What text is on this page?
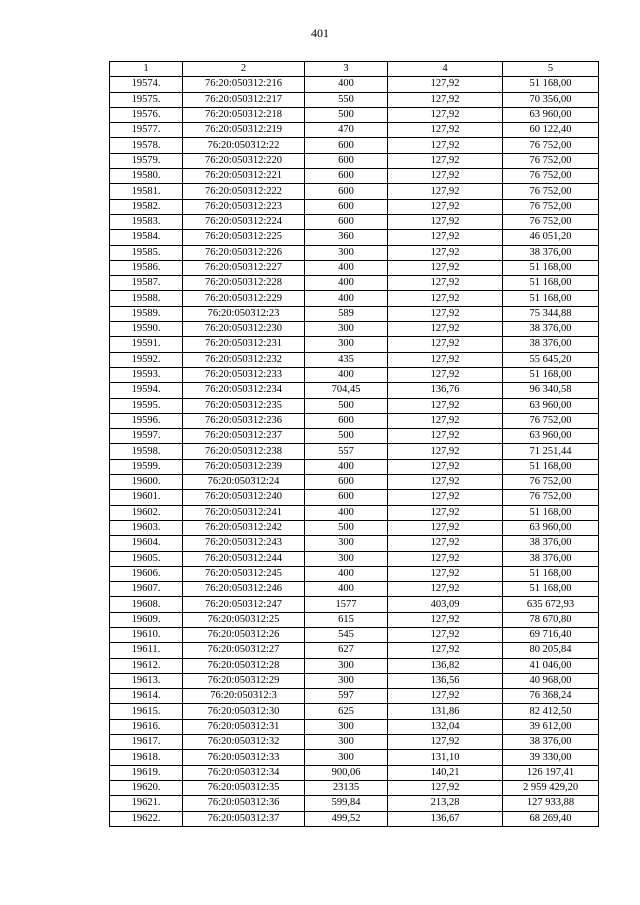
401
1	2	3	4	5
19574.	76:20:050312:216	400	127,92	51 168,00
19575.	76:20:050312:217	550	127,92	70 356,00
19576.	76:20:050312:218	500	127,92	63 960,00
19577.	76:20:050312:219	470	127,92	60 122,40
19578.	76:20:050312:22	600	127,92	76 752,00
19579.	76:20:050312:220	600	127,92	76 752,00
19580.	76:20:050312:221	600	127,92	76 752,00
19581.	76:20:050312:222	600	127,92	76 752,00
19582.	76:20:050312:223	600	127,92	76 752,00
19583.	76:20:050312:224	600	127,92	76 752,00
19584.	76:20:050312:225	360	127,92	46 051,20
19585.	76:20:050312:226	300	127,92	38 376,00
19586.	76:20:050312:227	400	127,92	51 168,00
19587.	76:20:050312:228	400	127,92	51 168,00
19588.	76:20:050312:229	400	127,92	51 168,00
19589.	76:20:050312:23	589	127,92	75 344,88
19590.	76:20:050312:230	300	127,92	38 376,00
19591.	76:20:050312:231	300	127,92	38 376,00
19592.	76:20:050312:232	435	127,92	55 645,20
19593.	76:20:050312:233	400	127,92	51 168,00
19594.	76:20:050312:234	704,45	136,76	96 340,58
19595.	76:20:050312:235	500	127,92	63 960,00
19596.	76:20:050312:236	600	127,92	76 752,00
19597.	76:20:050312:237	500	127,92	63 960,00
19598.	76:20:050312:238	557	127,92	71 251,44
19599.	76:20:050312:239	400	127,92	51 168,00
19600.	76:20:050312:24	600	127,92	76 752,00
19601.	76:20:050312:240	600	127,92	76 752,00
19602.	76:20:050312:241	400	127,92	51 168,00
19603.	76:20:050312:242	500	127,92	63 960,00
19604.	76:20:050312:243	300	127,92	38 376,00
19605.	76:20:050312:244	300	127,92	38 376,00
19606.	76:20:050312:245	400	127,92	51 168,00
19607.	76:20:050312:246	400	127,92	51 168,00
19608.	76:20:050312:247	1577	403,09	635 672,93
19609.	76:20:050312:25	615	127,92	78 670,80
19610.	76:20:050312:26	545	127,92	69 716,40
19611.	76:20:050312:27	627	127,92	80 205,84
19612.	76:20:050312:28	300	136,82	41 046,00
19613.	76:20:050312:29	300	136,56	40 968,00
19614.	76:20:050312:3	597	127,92	76 368,24
19615.	76:20:050312:30	625	131,86	82 412,50
19616.	76:20:050312:31	300	132,04	39 612,00
19617.	76:20:050312:32	300	127,92	38 376,00
19618.	76:20:050312:33	300	131,10	39 330,00
19619.	76:20:050312:34	900,06	140,21	126 197,41
19620.	76:20:050312:35	23135	127,92	2 959 429,20
19621.	76:20:050312:36	599,84	213,28	127 933,88
19622.	76:20:050312:37	499,52	136,67	68 269,40
